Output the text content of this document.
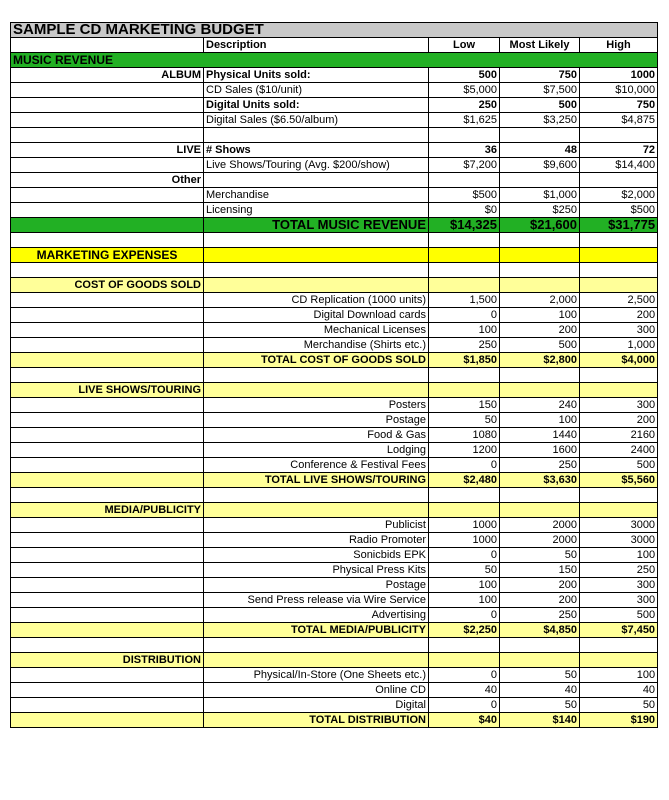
SAMPLE CD MARKETING BUDGET				
	Description	Low	Most Likely	High
MUSIC REVENUE				
ALBUM	Physical Units sold:	500	750	1000
	CD Sales ($10/unit)	$5,000	$7,500	$10,000
	Digital Units sold:	250	500	750
	Digital Sales ($6.50/album)	$1,625	$3,250	$4,875

LIVE	# Shows	36	48	72
	Live Shows/Touring (Avg. $200/show)	$7,200	$9,600	$14,400
Other				
	Merchandise	$500	$1,000	$2,000
	Licensing	$0	$250	$500
	TOTAL MUSIC REVENUE	$14,325	$21,600	$31,775

MARKETING EXPENSES				

COST OF GOODS SOLD				
	CD Replication (1000 units)	1,500	2,000	2,500
	Digital Download cards	0	100	200
	Mechanical Licenses	100	200	300
	Merchandise (Shirts etc.)	250	500	1,000
	TOTAL COST OF GOODS SOLD	$1,850	$2,800	$4,000

LIVE SHOWS/TOURING				
	Posters	150	240	300
	Postage	50	100	200
	Food & Gas	1080	1440	2160
	Lodging	1200	1600	2400
	Conference & Festival Fees	0	250	500
	TOTAL LIVE SHOWS/TOURING	$2,480	$3,630	$5,560

MEDIA/PUBLICITY				
	Publicist	1000	2000	3000
	Radio Promoter	1000	2000	3000
	Sonicbids EPK	0	50	100
	Physical Press Kits	50	150	250
	Postage	100	200	300
	Send Press release via Wire Service	100	200	300
	Advertising	0	250	500
	TOTAL MEDIA/PUBLICITY	$2,250	$4,850	$7,450

DISTRIBUTION				
	Physical/In-Store (One Sheets etc.)	0	50	100
	Online CD	40	40	40
	Digital	0	50	50
	TOTAL DISTRIBUTION	$40	$140	$190
